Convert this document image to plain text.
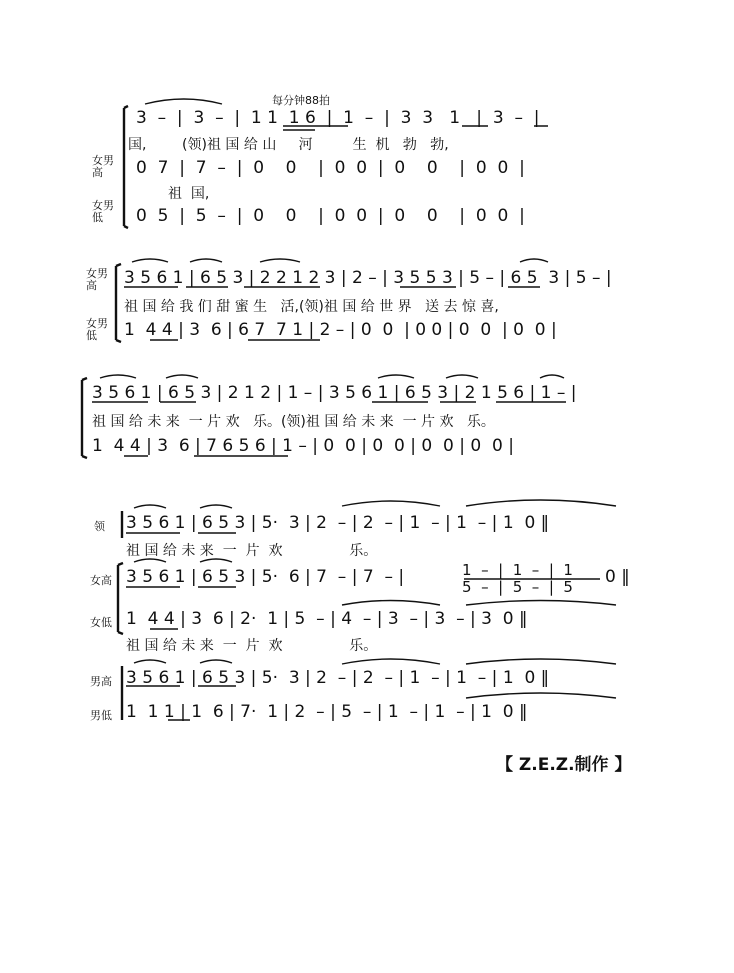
每分钟88拍
3  –  |  3  –  |  1 1  1 6  |  1  –  |  3  3   1   |  3  –  |
国,        (领)祖 国 给 山     河         生  机   勃   勃,
女男高	0  7  |  7  –  |  0    0    |  0  0  |  0    0    |  0  0  |
祖  国,
女男低	0  5  |  5  –  |  0    0    |  0  0  |  0    0    |  0  0  |
女男高	3 5 6 1 | 6 5 3 | 2 2 1 2 3 | 2 – | 3 5 5 3 | 5 – | 6 5  3 | 5 – |
祖 国 给 我 们 甜 蜜 生   活,(领)祖 国 给 世 界   送 去 惊 喜,
女男低	1  4 4 | 3  6 | 6 7  7 1 | 2 – | 0  0  | 0 0 | 0  0  | 0  0 |
3 5 6 1 | 6 5 3 | 2 1 2 | 1 – | 3 5 6 1 | 6 5 3 | 2 1 5 6 | 1 – |
祖 国 给 未 来  一 片 欢   乐。(领)祖 国 给 未 来  一 片 欢   乐。
1  4 4 | 3  6 | 7 6 5 6 | 1 – | 0  0 | 0  0 | 0  0 | 0  0 |
领 3 5 6 1 | 6 5 3 | 5·  3 | 2  – | 2  – | 1  – | 1  – | 1  0 ‖
祖 国 给 未 来  一  片  欢               乐。
女高 3 5 6 1 | 6 5 3 | 5·  6 | 7  – | 7  – |	1  –  |  1  –  |  1
5  –  |  5  –  |  5 0 ‖
女低 1  4 4 | 3  6 | 2·  1 | 5  – | 4  – | 3  – | 3  – | 3  0 ‖
祖 国 给 未 来  一  片  欢               乐。
男高 3 5 6 1 | 6 5 3 | 5·  3 | 2  – | 2  – | 1  – | 1  – | 1  0 ‖
男低 1  1 1 | 1  6 | 7·  1 | 2  – | 5  – | 1  – | 1  – | 1  0 ‖
【 Z.E.Z.制作 】
